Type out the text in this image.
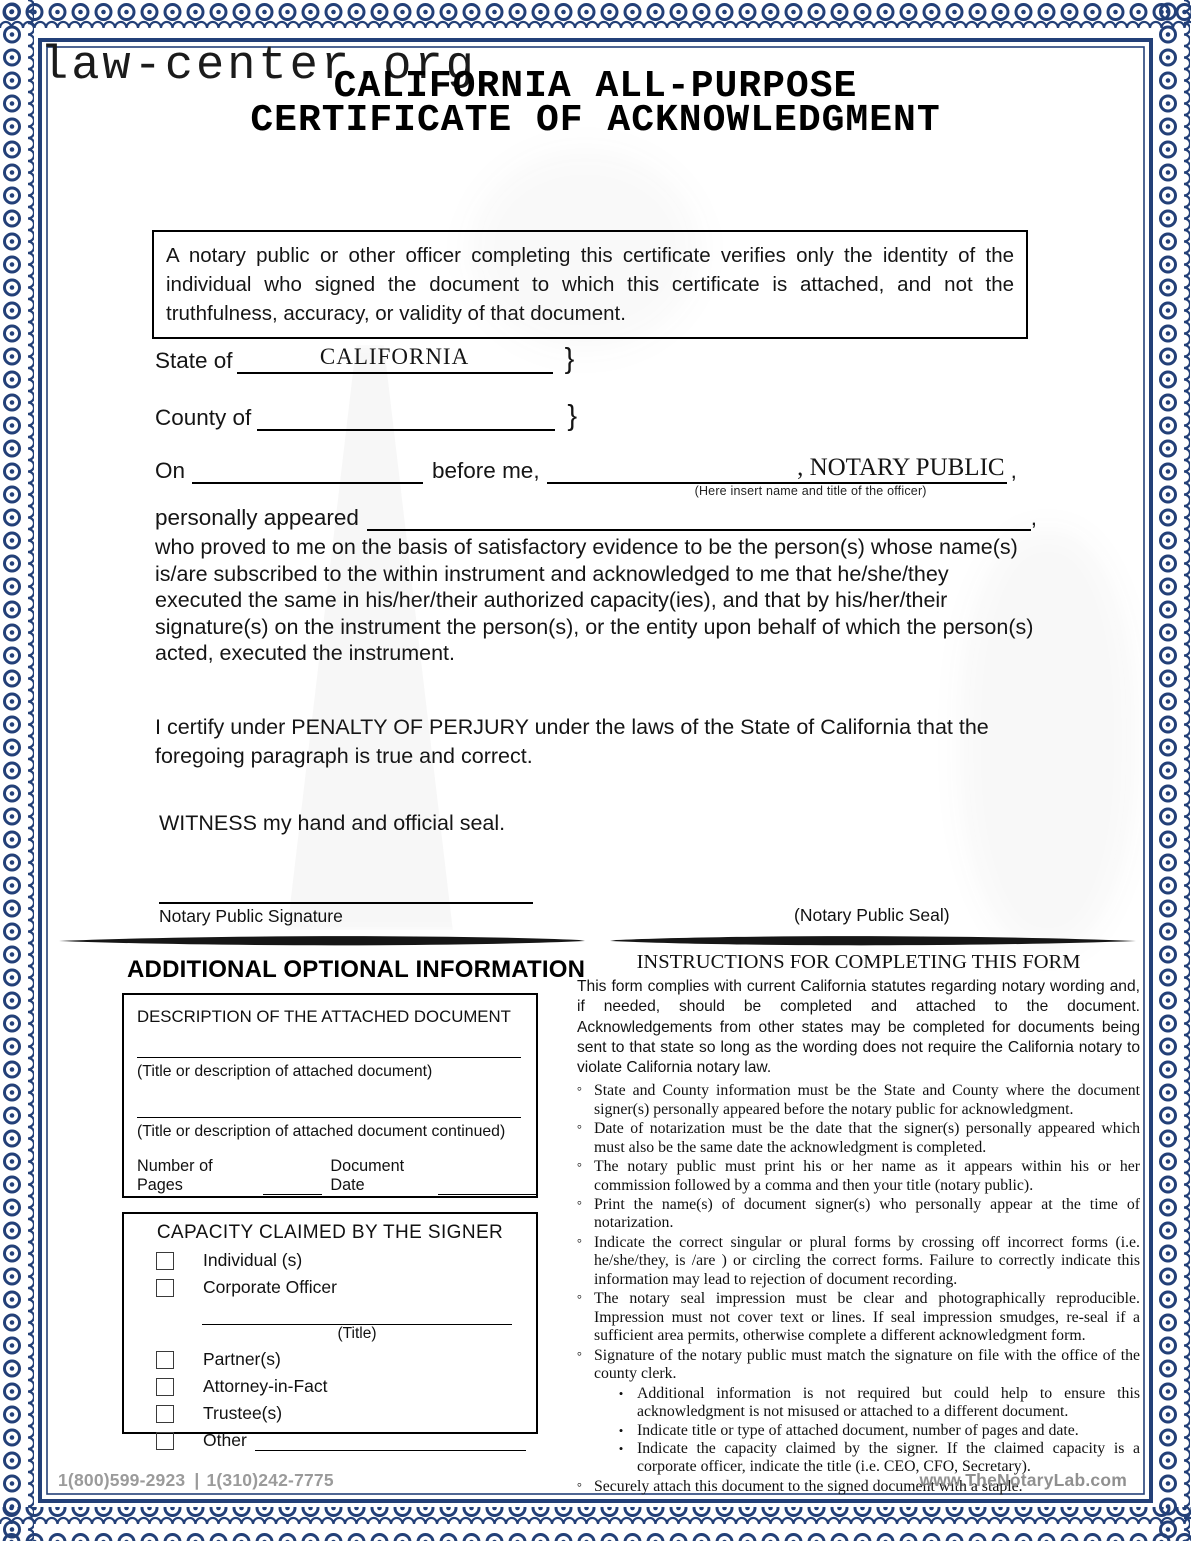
law-center.org
CALIFORNIA ALL-PURPOSE
CERTIFICATE OF ACKNOWLEDGMENT
A notary public or other officer completing this certificate verifies only the identity of the individual who signed the document to which this certificate is attached, and not the truthfulness, accuracy, or validity of that document.
State of	CALIFORNIA	}
County of	}
On	before me,	, NOTARY PUBLIC
(Here insert name and title of the officer)
,
personally appeared	,
who proved to me on the basis of satisfactory evidence to be the person(s) whose name(s) is/are subscribed to the within instrument and acknowledged to me that he/she/they executed the same in his/her/their authorized capacity(ies), and that by his/her/their signature(s) on the instrument the person(s), or the entity upon behalf of which the person(s) acted, executed the instrument.
I certify under PENALTY OF PERJURY under the laws of the State of California that the foregoing paragraph is true and correct.
WITNESS my hand and official seal.
Notary Public Signature	(Notary Public Seal)
ADDITIONAL OPTIONAL INFORMATION
DESCRIPTION OF THE ATTACHED DOCUMENT
(Title or description of attached document)
(Title or description of attached document continued)
Number of Pages
Document Date
CAPACITY CLAIMED BY THE SIGNER
Individual (s)
Corporate Officer
(Title)
Partner(s)
Attorney-in-Fact
Trustee(s)
Other
INSTRUCTIONS FOR COMPLETING THIS FORM
This form complies with current California statutes regarding notary wording and, if needed, should be completed and attached to the document. Acknowledgements from other states may be completed for documents being sent to that state so long as the wording does not require the California notary to violate California notary law.
°
State and County information must be the State and County where the document signer(s) personally appeared before the notary public for acknowledgment.
°
Date of notarization must be the date that the signer(s) personally appeared which must also be the same date the acknowledgment is completed.
°
The notary public must print his or her name as it appears within his or her commission followed by a comma and then your title (notary public).
°
Print the name(s) of document signer(s) who personally appear at the time of notarization.
°
Indicate the correct singular or plural forms by crossing off incorrect forms (i.e. he/she/they, is /are ) or circling the correct forms. Failure to correctly indicate this information may lead to rejection of document recording.
°
The notary seal impression must be clear and photographically reproducible. Impression must not cover text or lines. If seal impression smudges, re-seal if a sufficient area permits, otherwise complete a different acknowledgment form.
°
Signature of the notary public must match the signature on file with the office of the county clerk.
•
Additional information is not required but could help to ensure this acknowledgment is not misused or attached to a different document.
•
Indicate title or type of attached document, number of pages and date.
•
Indicate the capacity claimed by the signer. If the claimed capacity is a corporate officer, indicate the title (i.e. CEO, CFO, Secretary).
°
Securely attach this document to the signed document with a staple.
1(800)599-2923 | 1(310)242-7775	www.TheNotaryLab.com
